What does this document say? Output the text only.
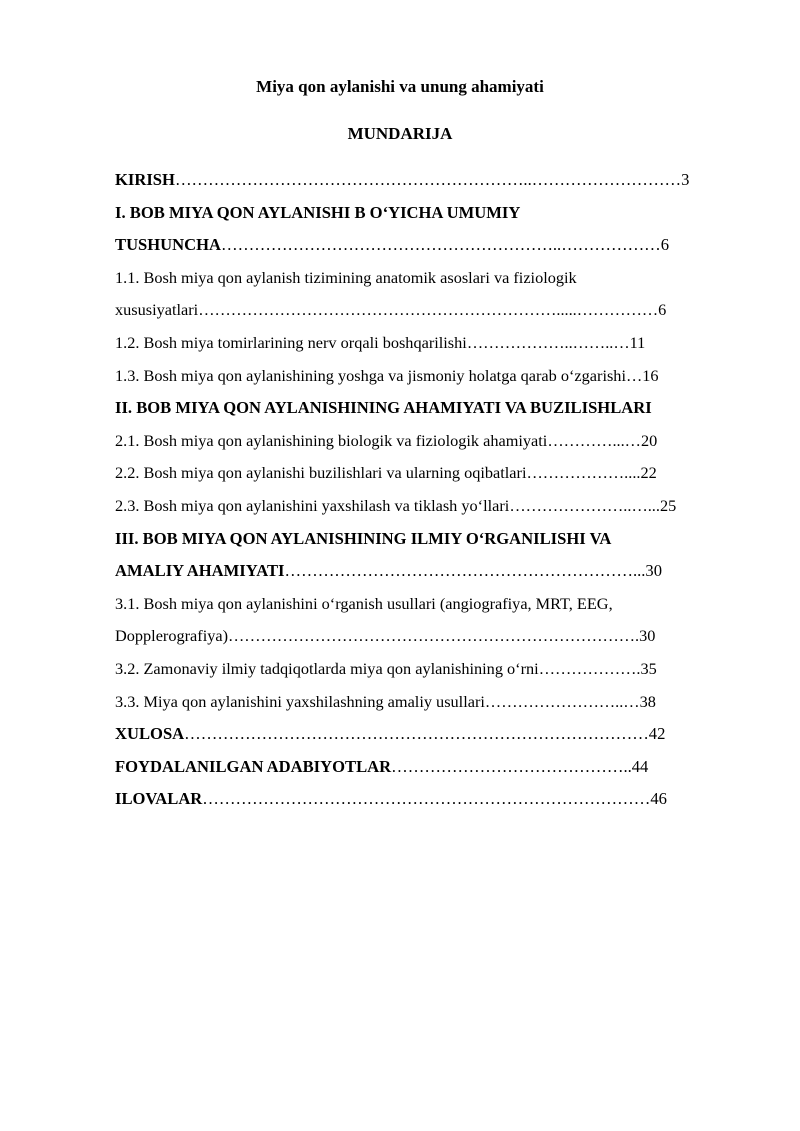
Miya qon aylanishi va unung ahamiyati
MUNDARIJA
KIRISH………………………………………………………..………………………3
I. BOB MIYA QON AYLANISHI B O‘YICHA UMUMIY
TUSHUNCHA……………………………………………………..………………6
1.1. Bosh miya qon aylanish tizimining anatomik asoslari va fiziologik
xususiyatlari………………………………………………………….....……………6
1.2. Bosh miya tomirlarining nerv orqali boshqarilishi………………..……..…11
1.3. Bosh miya qon aylanishining yoshga va jismoniy holatga qarab o‘zgarishi…16
II. BOB MIYA QON AYLANISHINING AHAMIYATI VA BUZILISHLARI
2.1. Bosh miya qon aylanishining biologik va fiziologik ahamiyati…………...…20
2.2. Bosh miya qon aylanishi buzilishlari va ularning oqibatlari………………....22
2.3. Bosh miya qon aylanishini yaxshilash va tiklash yo‘llari…………………..…...25
III. BOB MIYA QON AYLANISHINING ILMIY O‘RGANILISHI VA
AMALIY AHAMIYATI………………………………………………………...30
3.1. Bosh miya qon aylanishini o‘rganish usullari (angiografiya, MRT, EEG,
Dopplerografiya)………………………………………………………………….30
3.2. Zamonaviy ilmiy tadqiqotlarda miya qon aylanishining o‘rni……………….35
3.3. Miya qon aylanishini yaxshilashning amaliy usullari……………………..…38
XULOSA…………………………………………………………………………42
FOYDALANILGAN ADABIYOTLAR……………………………………..44
ILOVALAR………………………………………………………………………46
